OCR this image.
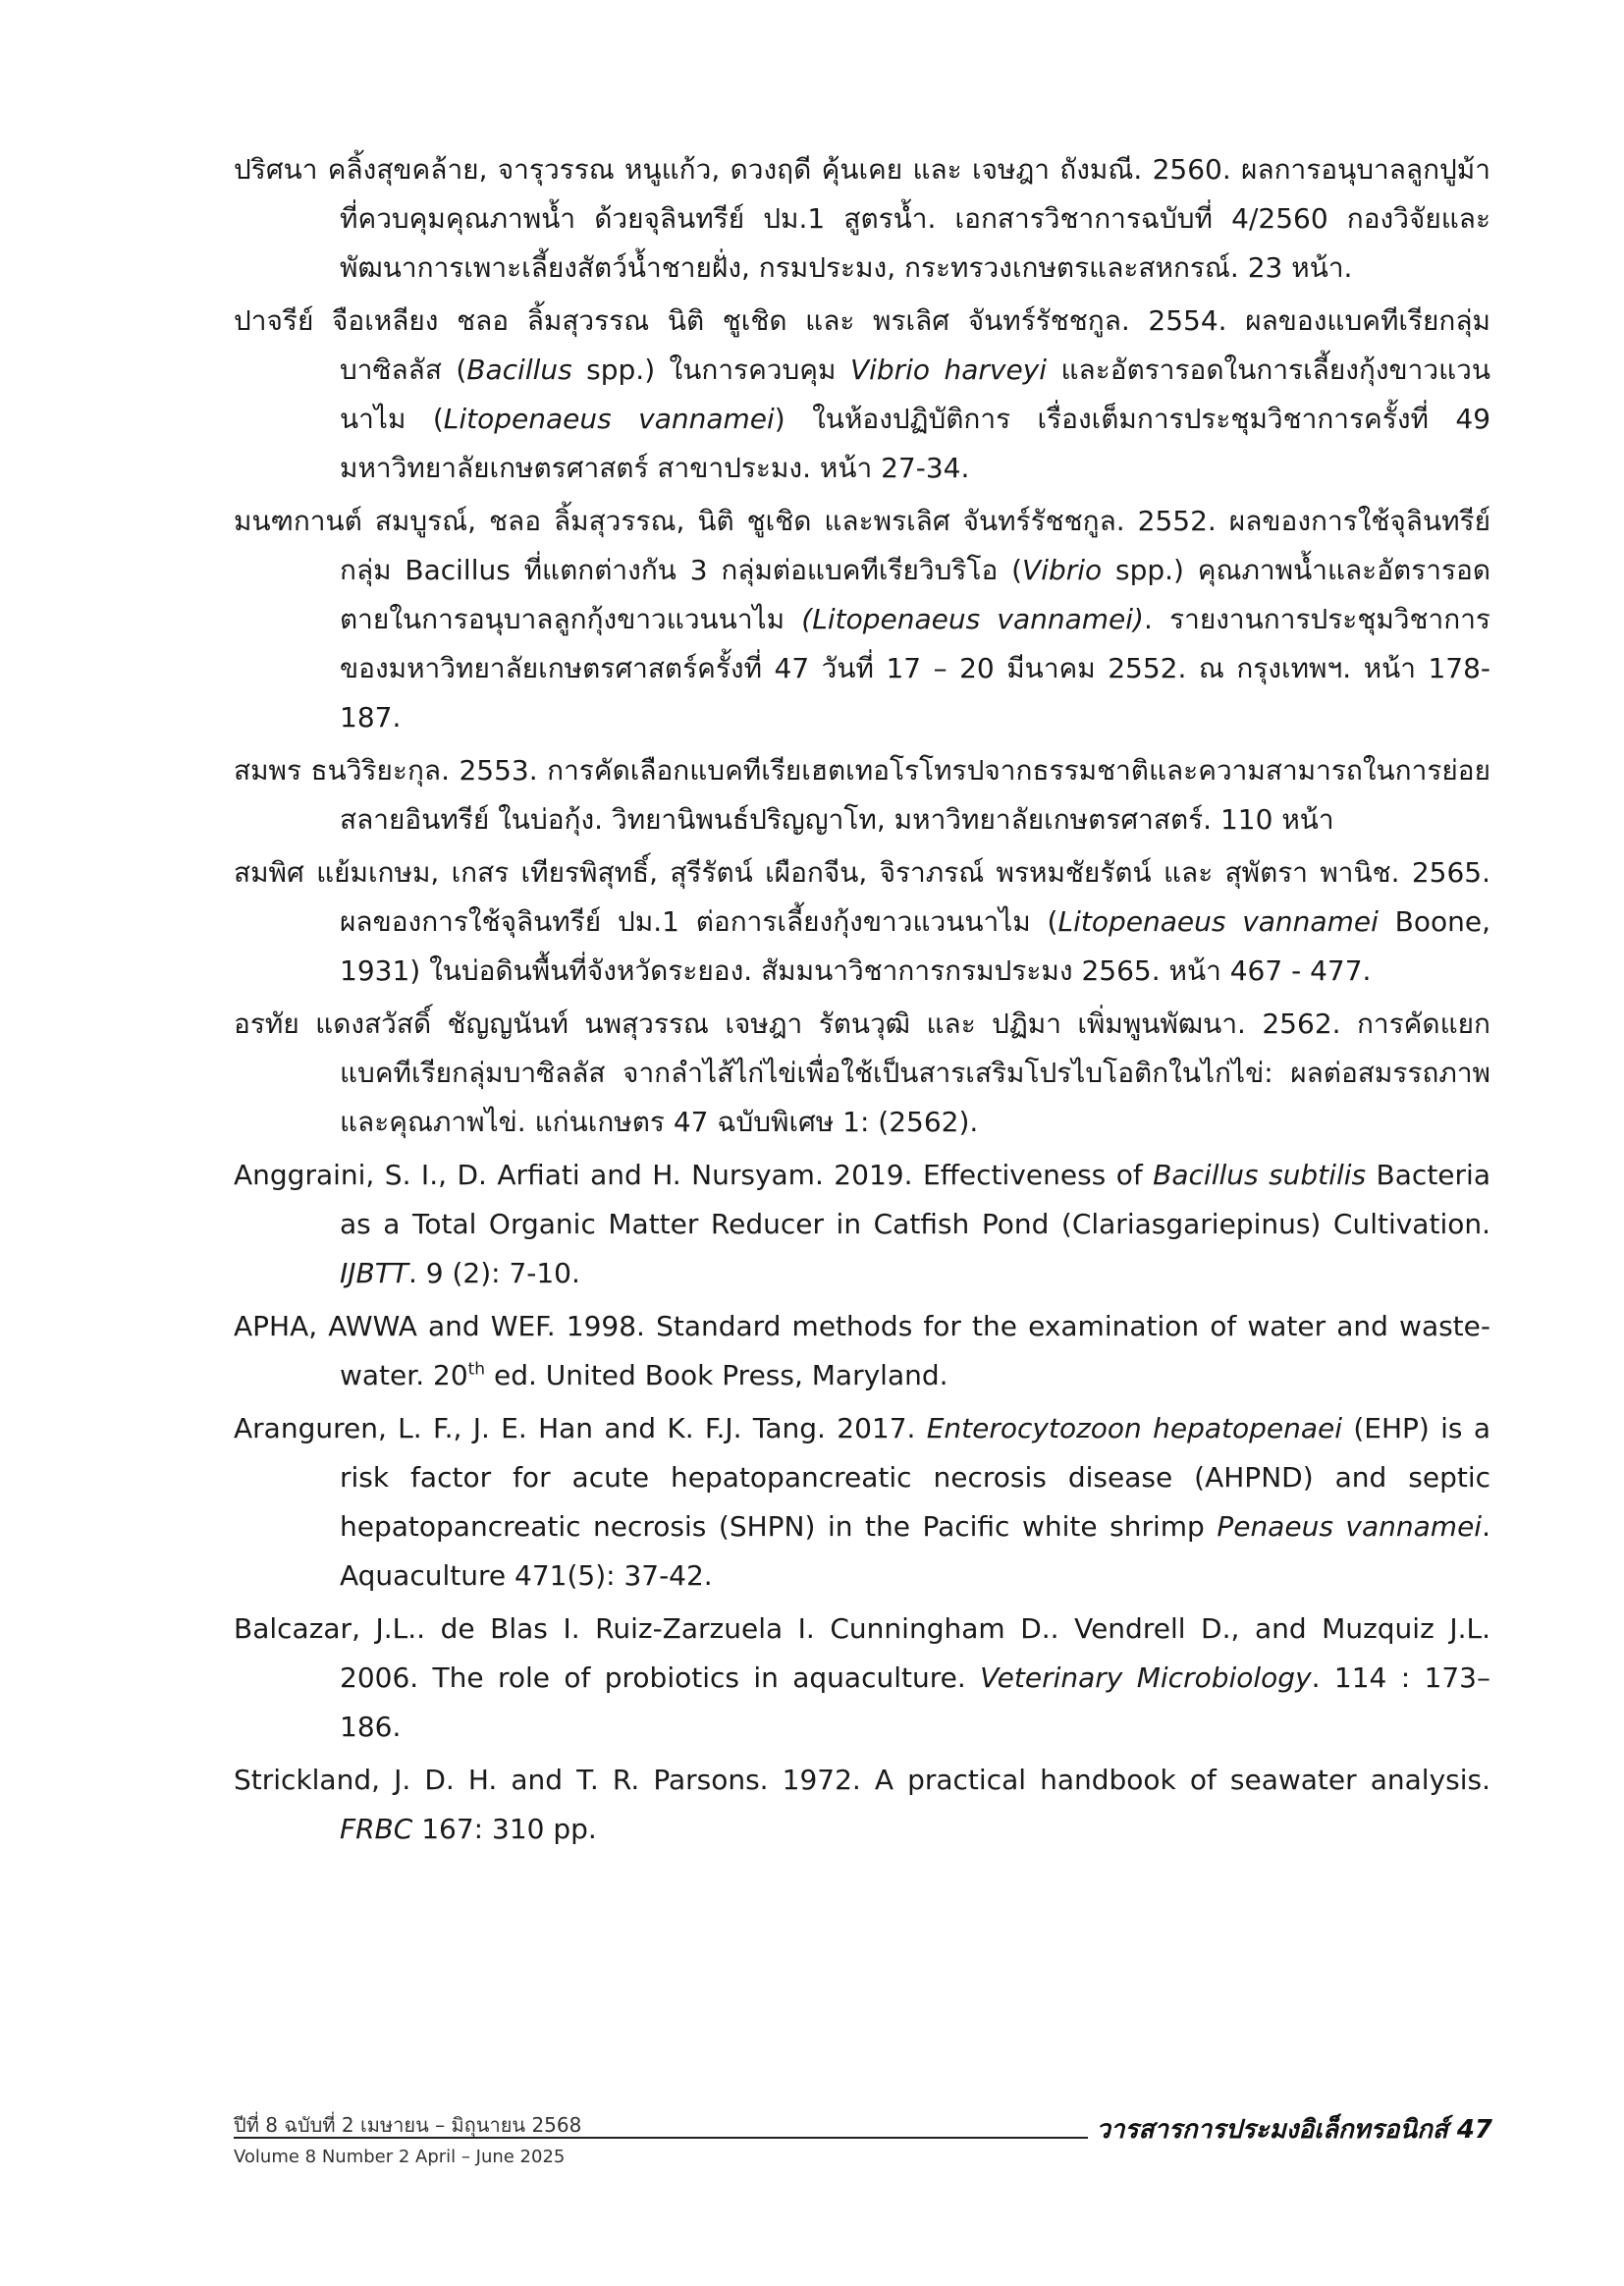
ปริศนา คลิ้งสุขคล้าย, จารุวรรณ หนูแก้ว, ดวงฤดี คุ้นเคย และ เจษฎา ถังมณี. 2560. ผลการอนุบาลลูกปูม้าที่ควบคุมคุณภาพน้ำ ด้วยจุลินทรีย์ ปม.1 สูตรน้ำ. เอกสารวิชาการฉบับที่ 4/2560 กองวิจัยและพัฒนาการเพาะเลี้ยงสัตว์น้ำชายฝั่ง, กรมประมง, กระทรวงเกษตรและสหกรณ์. 23 หน้า.
ปาจรีย์ จือเหลียง ชลอ ลิ้มสุวรรณ นิติ ชูเชิด และ พรเลิศ จันทร์รัชชกูล. 2554. ผลของแบคทีเรียกลุ่มบาซิลลัส (Bacillus spp.) ในการควบคุม Vibrio harveyi และอัตรารอดในการเลี้ยงกุ้งขาวแวนนาไม (Litopenaeus vannamei) ในห้องปฏิบัติการ เรื่องเต็มการประชุมวิชาการครั้งที่ 49 มหาวิทยาลัยเกษตรศาสตร์ สาขาประมง. หน้า 27-34.
มนฑกานต์ สมบูรณ์, ชลอ ลิ้มสุวรรณ, นิติ ชูเชิด และพรเลิศ จันทร์รัชชกูล. 2552. ผลของการใช้จุลินทรีย์กลุ่ม Bacillus ที่แตกต่างกัน 3 กลุ่มต่อแบคทีเรียวิบริโอ (Vibrio spp.) คุณภาพน้ำและอัตรารอดตายในการอนุบาลลูกกุ้งขาวแวนนาไม (Litopenaeus vannamei). รายงานการประชุมวิชาการของมหาวิทยาลัยเกษตรศาสตร์ครั้งที่ 47 วันที่ 17 – 20 มีนาคม 2552. ณ กรุงเทพฯ. หน้า 178-187.
สมพร ธนวิริยะกุล. 2553. การคัดเลือกแบคทีเรียเฮตเทอโรโทรปจากธรรมชาติและความสามารถในการย่อยสลายอินทรีย์ ในบ่อกุ้ง. วิทยานิพนธ์ปริญญาโท, มหาวิทยาลัยเกษตรศาสตร์. 110 หน้า
สมพิศ แย้มเกษม, เกสร เทียรพิสุทธิ์, สุรีรัตน์ เผือกจีน, จิราภรณ์ พรหมชัยรัตน์ และ สุพัตรา พานิช. 2565. ผลของการใช้จุลินทรีย์ ปม.1 ต่อการเลี้ยงกุ้งขาวแวนนาไม (Litopenaeus vannamei Boone, 1931) ในบ่อดินพื้นที่จังหวัดระยอง. สัมมนาวิชาการกรมประมง 2565. หน้า 467 - 477.
อรทัย แดงสวัสดิ์ ชัญญนันท์ นพสุวรรณ เจษฎา รัตนวุฒิ และ ปฏิมา เพิ่มพูนพัฒนา. 2562. การคัดแยกแบคทีเรียกลุ่มบาซิลลัส จากลำไส้ไก่ไข่เพื่อใช้เป็นสารเสริมโปรไบโอติกในไก่ไข่: ผลต่อสมรรถภาพและคุณภาพไข่. แก่นเกษตร 47 ฉบับพิเศษ 1: (2562).
Anggraini, S. I., D. Arfiati and H. Nursyam. 2019. Effectiveness of Bacillus subtilis Bacteria as a Total Organic Matter Reducer in Catfish Pond (Clariasgariepinus) Cultivation. IJBTT. 9 (2): 7-10.
APHA, AWWA and WEF. 1998. Standard methods for the examination of water and waste-water. 20th ed. United Book Press, Maryland.
Aranguren, L. F., J. E. Han and K. F.J. Tang. 2017. Enterocytozoon hepatopenaei (EHP) is a risk factor for acute hepatopancreatic necrosis disease (AHPND) and septic hepatopancreatic necrosis (SHPN) in the Pacific white shrimp Penaeus vannamei. Aquaculture 471(5): 37-42.
Balcazar, J.L.. de Blas I. Ruiz-Zarzuela I. Cunningham D.. Vendrell D., and Muzquiz J.L. 2006. The role of probiotics in aquaculture. Veterinary Microbiology. 114 : 173–186.
Strickland, J. D. H. and T. R. Parsons. 1972. A practical handbook of seawater analysis. FRBC 167: 310 pp.
ปีที่ 8 ฉบับที่ 2 เมษายน – มิถุนายน 2568
Volume 8 Number 2 April – June 2025
วารสารการประมงอิเล็กทรอนิกส์ 47
